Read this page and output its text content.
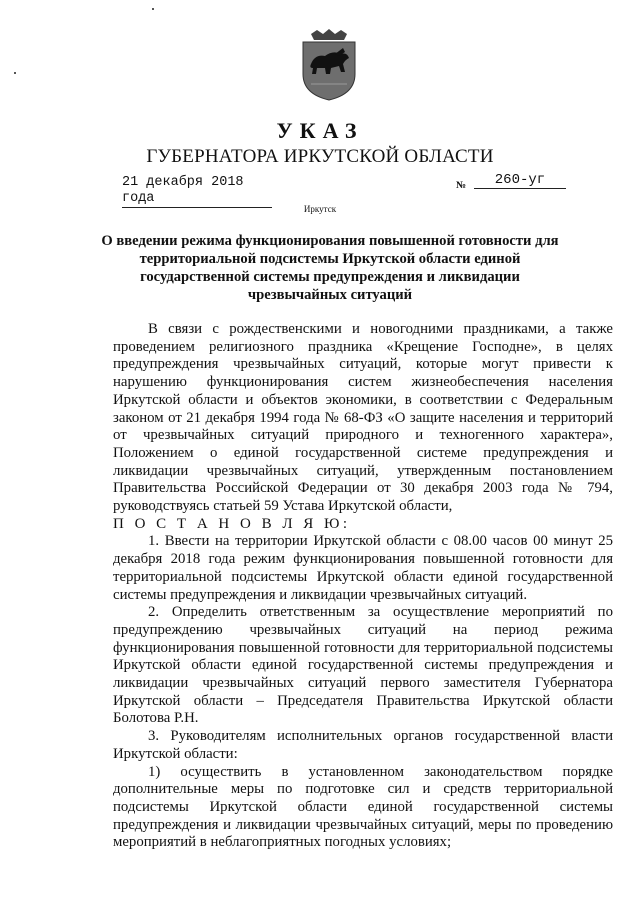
УКАЗ
ГУБЕРНАТОРА ИРКУТСКОЙ ОБЛАСТИ
21 декабря 2018 года
№	260-уг
Иркутск
О введении режима функционирования повышенной готовности для территориальной подсистемы Иркутской области единой государственной системы предупреждения и ликвидации чрезвычайных ситуаций

В связи с рождественскими и новогодними праздниками, а также проведением религиозного праздника «Крещение Господне», в целях предупреждения чрезвычайных ситуаций, которые могут привести к нарушению функционирования систем жизнеобеспечения населения Иркутской области и объектов экономики, в соответствии с Федеральным законом от 21 декабря 1994 года № 68-ФЗ «О защите населения и территорий от чрезвычайных ситуаций природного и техногенного характера», Положением о единой государственной системе предупреждения и ликвидации чрезвычайных ситуаций, утвержденным постановлением Правительства Российской Федерации от 30 декабря 2003 года № 794, руководствуясь статьей 59 Устава Иркутской области,

П О С Т А Н О В Л Я Ю:

1. Ввести на территории Иркутской области с 08.00 часов 00 минут 25 декабря 2018 года режим функционирования повышенной готовности для территориальной подсистемы Иркутской области единой государственной системы предупреждения и ликвидации чрезвычайных ситуаций.

2. Определить ответственным за осуществление мероприятий по предупреждению чрезвычайных ситуаций на период режима функционирования повышенной готовности для территориальной подсистемы Иркутской области единой государственной системы предупреждения и ликвидации чрезвычайных ситуаций первого заместителя Губернатора Иркутской области – Председателя Правительства Иркутской области Болотова Р.Н.

3. Руководителям исполнительных органов государственной власти Иркутской области:

1) осуществить в установленном законодательством порядке дополнительные меры по подготовке сил и средств территориальной подсистемы Иркутской области единой государственной системы предупреждения и ликвидации чрезвычайных ситуаций, меры по проведению мероприятий в неблагоприятных погодных условиях;
